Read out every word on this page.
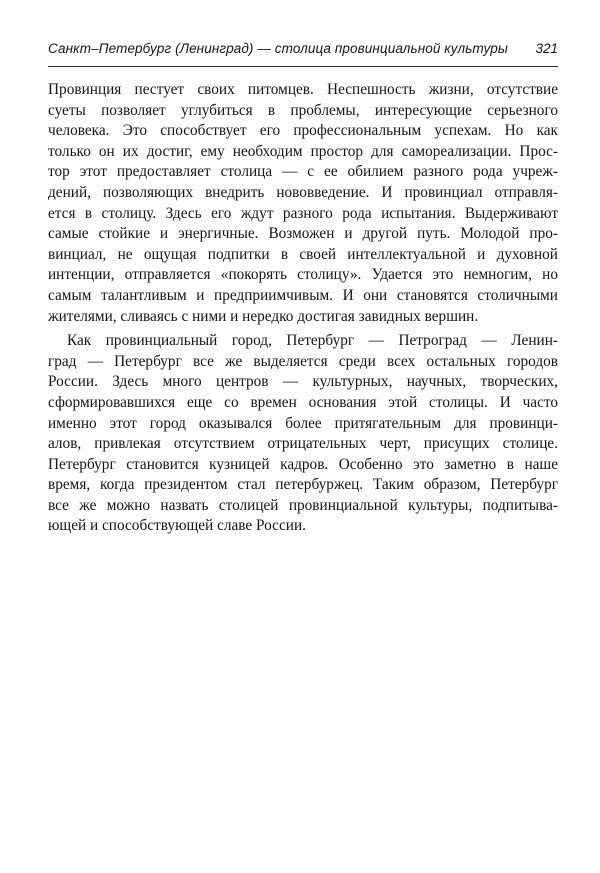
Санкт–Петербург (Ленинград) — столица провинциальной культуры 321

Провинция пестует своих питомцев. Неспешность жизни, отсутствие
суеты позволяет углубиться в проблемы, интересующие серьезного
человека. Это способствует его профессиональным успехам. Но как
только он их достиг, ему необходим простор для самореализации. Прос-
тор этот предоставляет столица — с ее обилием разного рода учреж-
дений, позволяющих внедрить нововведение. И провинциал отправля-
ется в столицу. Здесь его ждут разного рода испытания. Выдерживают
самые стойкие и энергичные. Возможен и другой путь. Молодой про-
винциал, не ощущая подпитки в своей интеллектуальной и духовной
интенции, отправляется «покорять столицу». Удается это немногим, но
самым талантливым и предприимчивым. И они становятся столичными
жителями, сливаясь с ними и нередко достигая завидных вершин.

Как провинциальный город, Петербург — Петроград — Ленин-
град — Петербург все же выделяется среди всех остальных городов
России. Здесь много центров — культурных, научных, творческих,
сформировавшихся еще со времен основания этой столицы. И часто
именно этот город оказывался более притягательным для провинци-
алов, привлекая отсутствием отрицательных черт, присущих столице.
Петербург становится кузницей кадров. Особенно это заметно в наше
время, когда президентом стал петербуржец. Таким образом, Петербург
все же можно назвать столицей провинциальной культуры, подпитыва-
ющей и способствующей славе России.
